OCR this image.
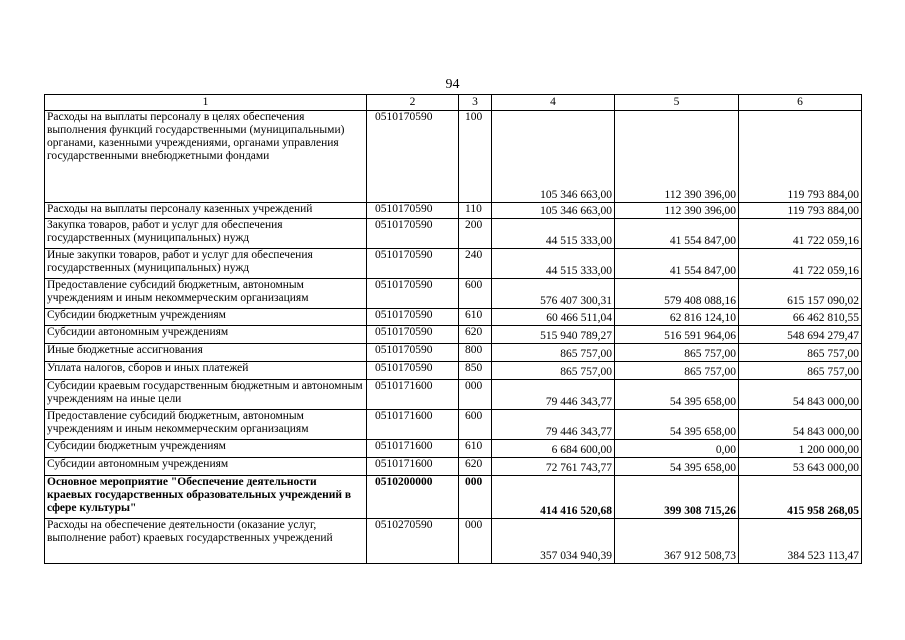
94
1	2	3	4	5	6
Расходы на выплаты персоналу в целях обеспечения выполнения функций государственными (муниципальными) органами, казенными учреждениями, органами управления государственными внебюджетными фондами	0510170590	100	105 346 663,00	112 390 396,00	119 793 884,00
Расходы на выплаты персоналу казенных учреждений	0510170590	110	105 346 663,00	112 390 396,00	119 793 884,00
Закупка товаров, работ и услуг для обеспечения государственных (муниципальных) нужд	0510170590	200	44 515 333,00	41 554 847,00	41 722 059,16
Иные закупки товаров, работ и услуг для обеспечения государственных (муниципальных) нужд	0510170590	240	44 515 333,00	41 554 847,00	41 722 059,16
Предоставление субсидий бюджетным, автономным учреждениям и иным некоммерческим организациям	0510170590	600	576 407 300,31	579 408 088,16	615 157 090,02
Субсидии бюджетным учреждениям	0510170590	610	60 466 511,04	62 816 124,10	66 462 810,55
Субсидии автономным учреждениям	0510170590	620	515 940 789,27	516 591 964,06	548 694 279,47
Иные бюджетные ассигнования	0510170590	800	865 757,00	865 757,00	865 757,00
Уплата налогов, сборов и иных платежей	0510170590	850	865 757,00	865 757,00	865 757,00
Субсидии краевым государственным бюджетным и автономным учреждениям на иные цели	0510171600	000	79 446 343,77	54 395 658,00	54 843 000,00
Предоставление субсидий бюджетным, автономным учреждениям и иным некоммерческим организациям	0510171600	600	79 446 343,77	54 395 658,00	54 843 000,00
Субсидии бюджетным учреждениям	0510171600	610	6 684 600,00	0,00	1 200 000,00
Субсидии автономным учреждениям	0510171600	620	72 761 743,77	54 395 658,00	53 643 000,00
Основное мероприятие "Обеспечение деятельности краевых государственных образовательных учреждений в сфере культуры"	0510200000	000	414 416 520,68	399 308 715,26	415 958 268,05
Расходы на обеспечение деятельности (оказание услуг, выполнение работ) краевых государственных учреждений	0510270590	000	357 034 940,39	367 912 508,73	384 523 113,47
